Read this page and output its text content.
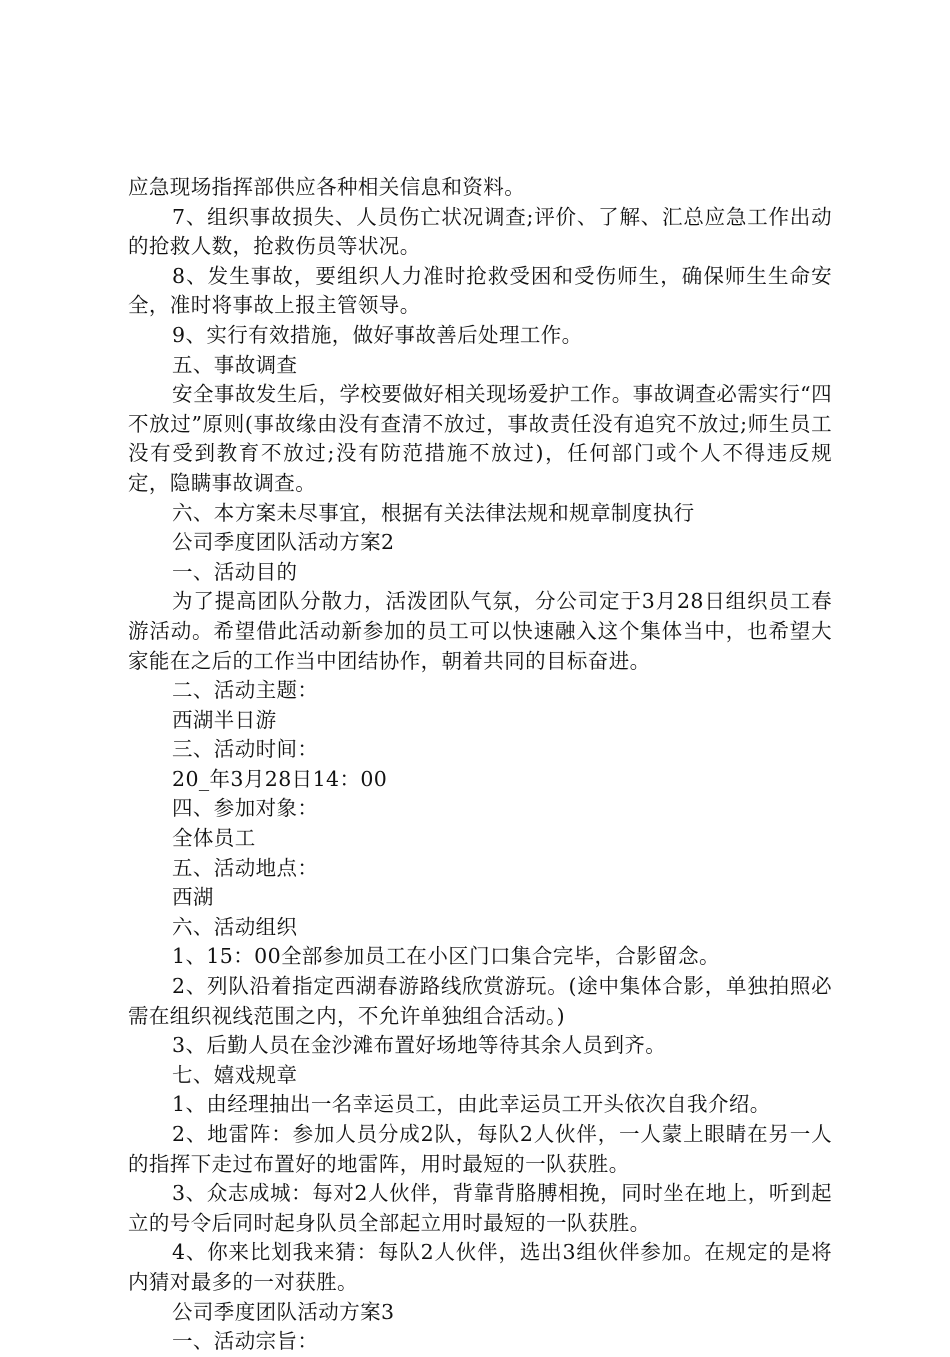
应急现场指挥部供应各种相关信息和资料。

7、组织事故损失、人员伤亡状况调查;评价、了解、汇总应急工作出动的抢救人数，抢救伤员等状况。

8、发生事故，要组织人力准时抢救受困和受伤师生，确保师生生命安全，准时将事故上报主管领导。

9、实行有效措施，做好事故善后处理工作。

五、事故调查

安全事故发生后，学校要做好相关现场爱护工作。事故调查必需实行“四不放过”原则(事故缘由没有查清不放过，事故责任没有追究不放过;师生员工没有受到教育不放过;没有防范措施不放过)，任何部门或个人不得违反规定，隐瞒事故调查。

六、本方案未尽事宜，根据有关法律法规和规章制度执行

公司季度团队活动方案2

一、活动目的

为了提高团队分散力，活泼团队气氛，分公司定于3月28日组织员工春游活动。希望借此活动新参加的员工可以快速融入这个集体当中，也希望大家能在之后的工作当中团结协作，朝着共同的目标奋进。

二、活动主题：

西湖半日游

三、活动时间：

20_年3月28日14：00

四、参加对象：

全体员工

五、活动地点：

西湖

六、活动组织

1、15：00全部参加员工在小区门口集合完毕，合影留念。

2、列队沿着指定西湖春游路线欣赏游玩。(途中集体合影，单独拍照必需在组织视线范围之内，不允许单独组合活动。)

3、后勤人员在金沙滩布置好场地等待其余人员到齐。

七、嬉戏规章

1、由经理抽出一名幸运员工，由此幸运员工开头依次自我介绍。

2、地雷阵：参加人员分成2队，每队2人伙伴，一人蒙上眼睛在另一人的指挥下走过布置好的地雷阵，用时最短的一队获胜。

3、众志成城：每对2人伙伴，背靠背胳膊相挽，同时坐在地上，听到起立的号令后同时起身队员全部起立用时最短的一队获胜。

4、你来比划我来猜：每队2人伙伴，选出3组伙伴参加。在规定的是将内猜对最多的一对获胜。

公司季度团队活动方案3

一、活动宗旨：
